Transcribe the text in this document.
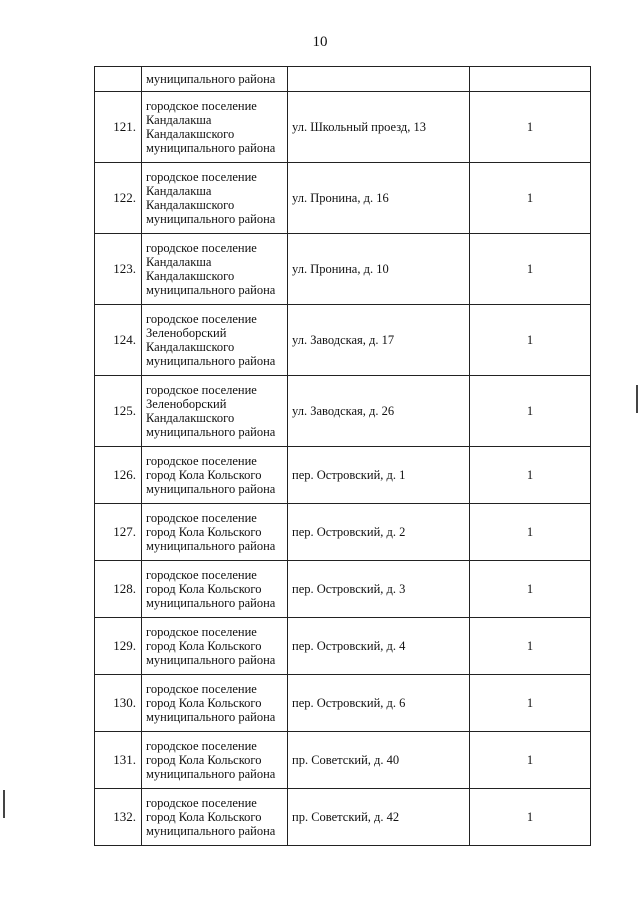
10
	муниципального района		
121.	городское поселение Кандалакша Кандалакшского муниципального района	ул. Школьный проезд, 13	1
122.	городское поселение Кандалакша Кандалакшского муниципального района	ул. Пронина, д. 16	1
123.	городское поселение Кандалакша Кандалакшского муниципального района	ул. Пронина, д. 10	1
124.	городское поселение Зеленоборский Кандалакшского муниципального района	ул. Заводская, д. 17	1
125.	городское поселение Зеленоборский Кандалакшского муниципального района	ул. Заводская, д. 26	1
126.	городское поселение город Кола Кольского муниципального района	пер. Островский, д. 1	1
127.	городское поселение город Кола Кольского муниципального района	пер. Островский, д. 2	1
128.	городское поселение город Кола Кольского муниципального района	пер. Островский, д. 3	1
129.	городское поселение город Кола Кольского муниципального района	пер. Островский, д. 4	1
130.	городское поселение город Кола Кольского муниципального района	пер. Островский, д. 6	1
131.	городское поселение город Кола Кольского муниципального района	пр. Советский, д. 40	1
132.	городское поселение город Кола Кольского муниципального района	пр. Советский, д. 42	1
